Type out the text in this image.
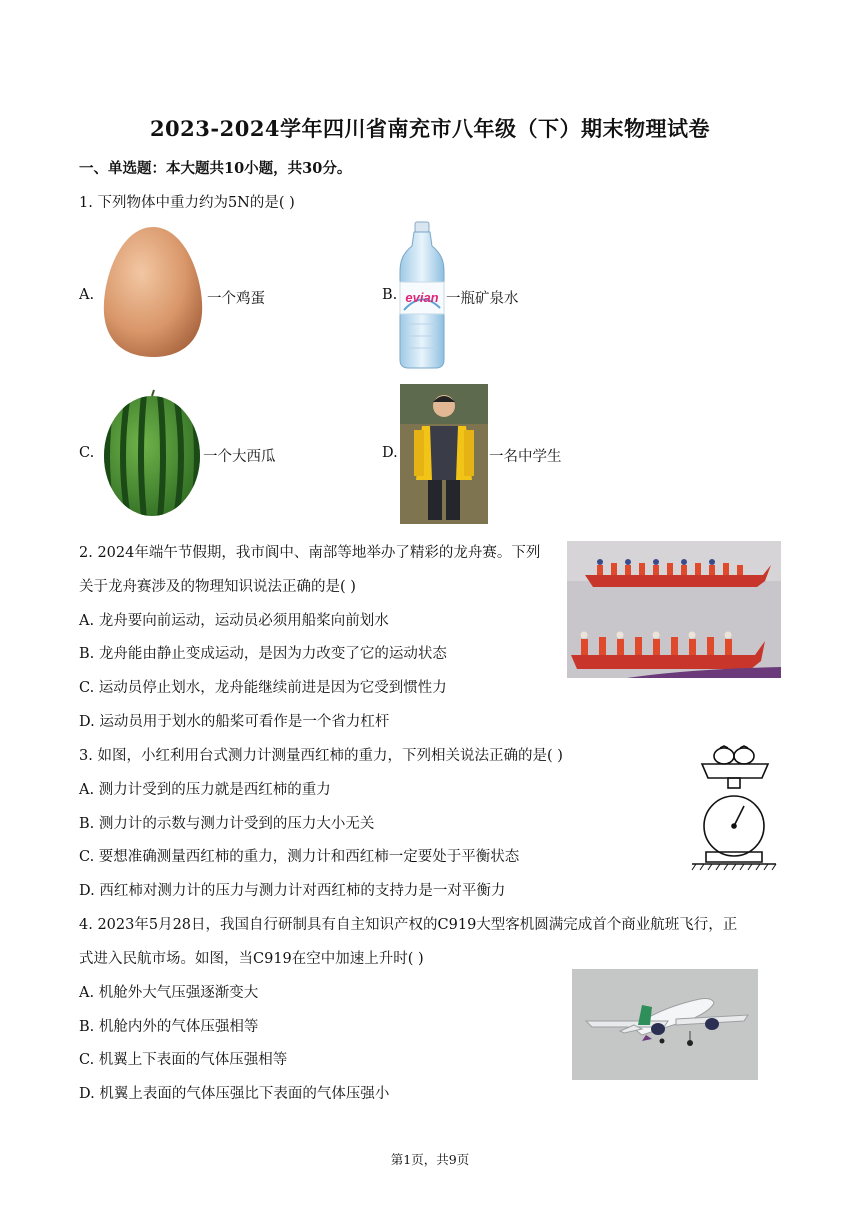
2023-2024学年四川省南充市八年级（下）期末物理试卷
一、单选题：本大题共10小题，共30分。
1. 下列物体中重力约为5N的是( )
A.	一个鸡蛋	B. evian 一瓶矿泉水
C.	一个大西瓜	D.	一名中学生
2. 2024年端午节假期，我市阆中、南部等地举办了精彩的龙舟赛。下列
关于龙舟赛涉及的物理知识说法正确的是( )
A. 龙舟要向前运动，运动员必须用船桨向前划水
B. 龙舟能由静止变成运动，是因为力改变了它的运动状态
C. 运动员停止划水，龙舟能继续前进是因为它受到惯性力
D. 运动员用于划水的船桨可看作是一个省力杠杆
3. 如图，小红利用台式测力计测量西红柿的重力，下列相关说法正确的是( )
A. 测力计受到的压力就是西红柿的重力
B. 测力计的示数与测力计受到的压力大小无关
C. 要想准确测量西红柿的重力，测力计和西红柿一定要处于平衡状态
D. 西红柿对测力计的压力与测力计对西红柿的支持力是一对平衡力
4. 2023年5月28日，我国自行研制具有自主知识产权的C919大型客机圆满完成首个商业航班飞行，正
式进入民航市场。如图，当C919在空中加速上升时( )
A. 机舱外大气压强逐渐变大
B. 机舱内外的气体压强相等
C. 机翼上下表面的气体压强相等
D. 机翼上表面的气体压强比下表面的气体压强小
第1页，共9页
